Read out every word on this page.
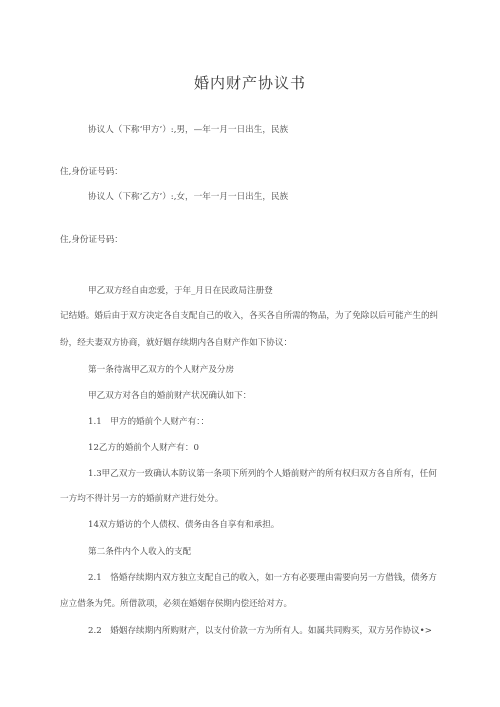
婚内财产协议书
协议人（下称‘甲方’）:,男，—年一月一日出生，民族
住,身份证号码：
协议人（下称‘乙方’）:,女，一年一月一日出生，民族
住,身份证号码：
甲乙双方经自由恋爱，于年_月日在民政局注册登
记结婚。婚后由于双方决定各自支配自己的收入，各买各自所需的物品，为了免除以后可能产生的纠
纷，经夫妻双方协商，就好姻存续期内各自财产作如下协议：
第一条待嵩甲乙双方的个人财产及分房
甲乙双方对各自的婚前财产状况确认如下：
1.1　甲方的婚前个人财产有：：
12乙方的婚前个人财产有：0
1.3甲乙双方一致确认本防议第一条项下所列的个人婚前财产的所有权归双方各自所有，任何
一方均不得计另一方的婚前财产进行处分。
14双方婚访的个人债权、债务由各自享有和承担。
第二条件内个人收入的支配
2.1　恪婚存续期内双方独立支配自己的收入，如一方有必要理由需要向另一方借钱，债务方
应立借条为凭。所借款项，必须在婚姻存侯期内偿还给对方。
2.2　婚姻存续期内所购财产，以支付价款一方为所有人。如属共同购买，双方另作协议•>
